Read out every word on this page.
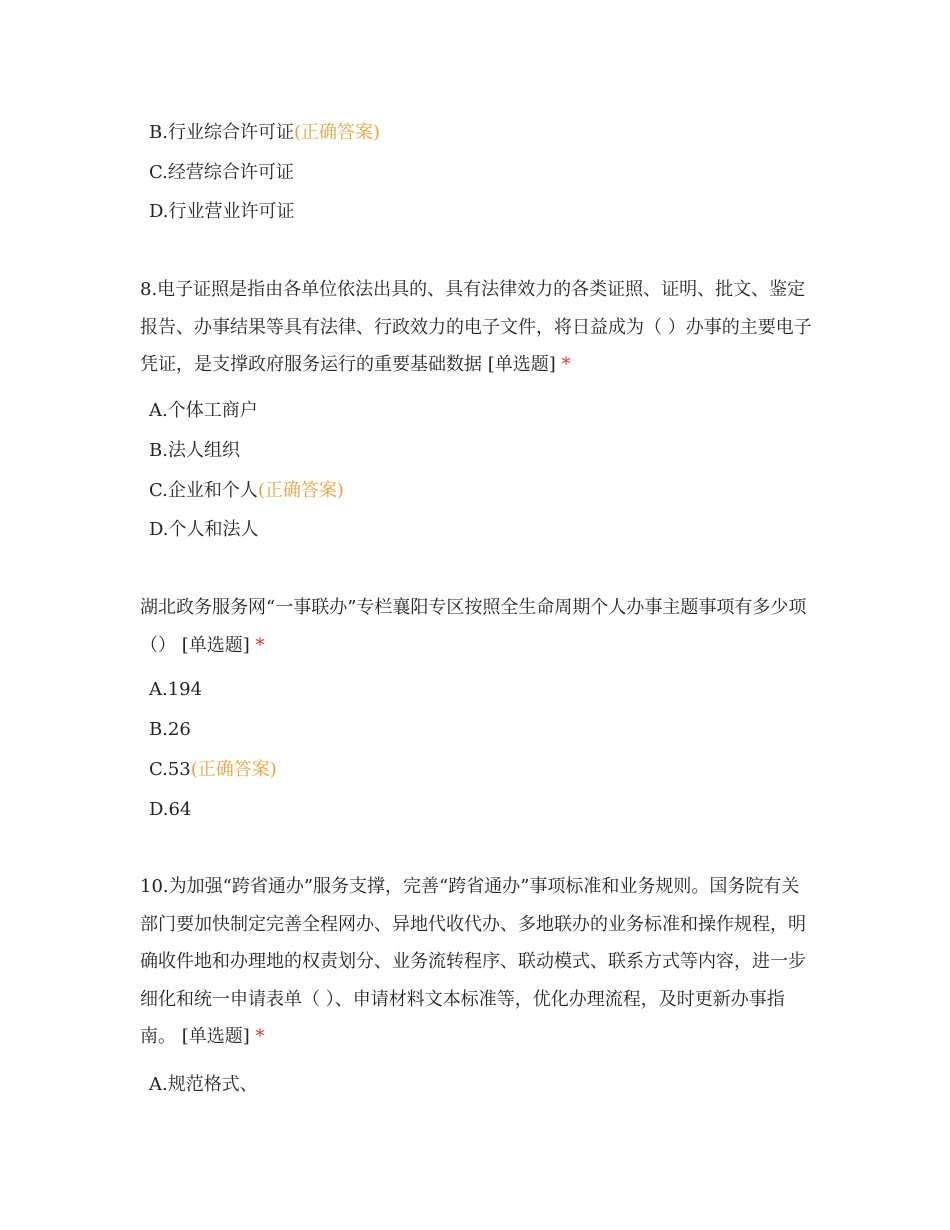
B.行业综合许可证(正确答案)

C.经营综合许可证

D.行业营业许可证

8.电子证照是指由各单位依法出具的、具有法律效力的各类证照、证明、批文、鉴定报告、办事结果等具有法律、行政效力的电子文件，将日益成为（ ）办事的主要电子凭证，是支撑政府服务运行的重要基础数据 [单选题] *

A.个体工商户

B.法人组织

C.企业和个人(正确答案)

D.个人和法人

湖北政务服务网“一事联办”专栏襄阳专区按照全生命周期个人办事主题事项有多少项（） [单选题] *

A.194

B.26

C.53(正确答案)

D.64

10.为加强“跨省通办”服务支撑，完善“跨省通办”事项标准和业务规则。国务院有关部门要加快制定完善全程网办、异地代收代办、多地联办的业务标准和操作规程，明确收件地和办理地的权责划分、业务流转程序、联动模式、联系方式等内容，进一步细化和统一申请表单（ ）、申请材料文本标准等，优化办理流程，及时更新办事指南。 [单选题] *

A.规范格式、
